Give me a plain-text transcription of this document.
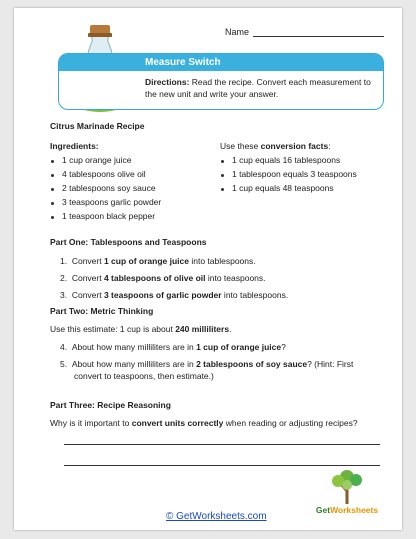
Name
Measure Switch
Directions: Read the recipe. Convert each measurement to the new unit and write your answer.
Citrus Marinade Recipe
Ingredients:
1 cup orange juice
4 tablespoons olive oil
2 tablespoons soy sauce
3 teaspoons garlic powder
1 teaspoon black pepper
Use these conversion facts:
1 cup equals 16 tablespoons
1 tablespoon equals 3 teaspoons
1 cup equals 48 teaspoons
Part One: Tablespoons and Teaspoons
1. Convert 1 cup of orange juice into tablespoons.
2. Convert 4 tablespoons of olive oil into teaspoons.
3. Convert 3 teaspoons of garlic powder into tablespoons.
Part Two: Metric Thinking
Use this estimate: 1 cup is about 240 milliliters.
4. About how many milliliters are in 1 cup of orange juice?
5. About how many milliliters are in 2 tablespoons of soy sauce? (Hint: First
convert to teaspoons, then estimate.)
Part Three: Recipe Reasoning
Why is it important to convert units correctly when reading or adjusting recipes?
© GetWorksheets.com
GetWorksheets
